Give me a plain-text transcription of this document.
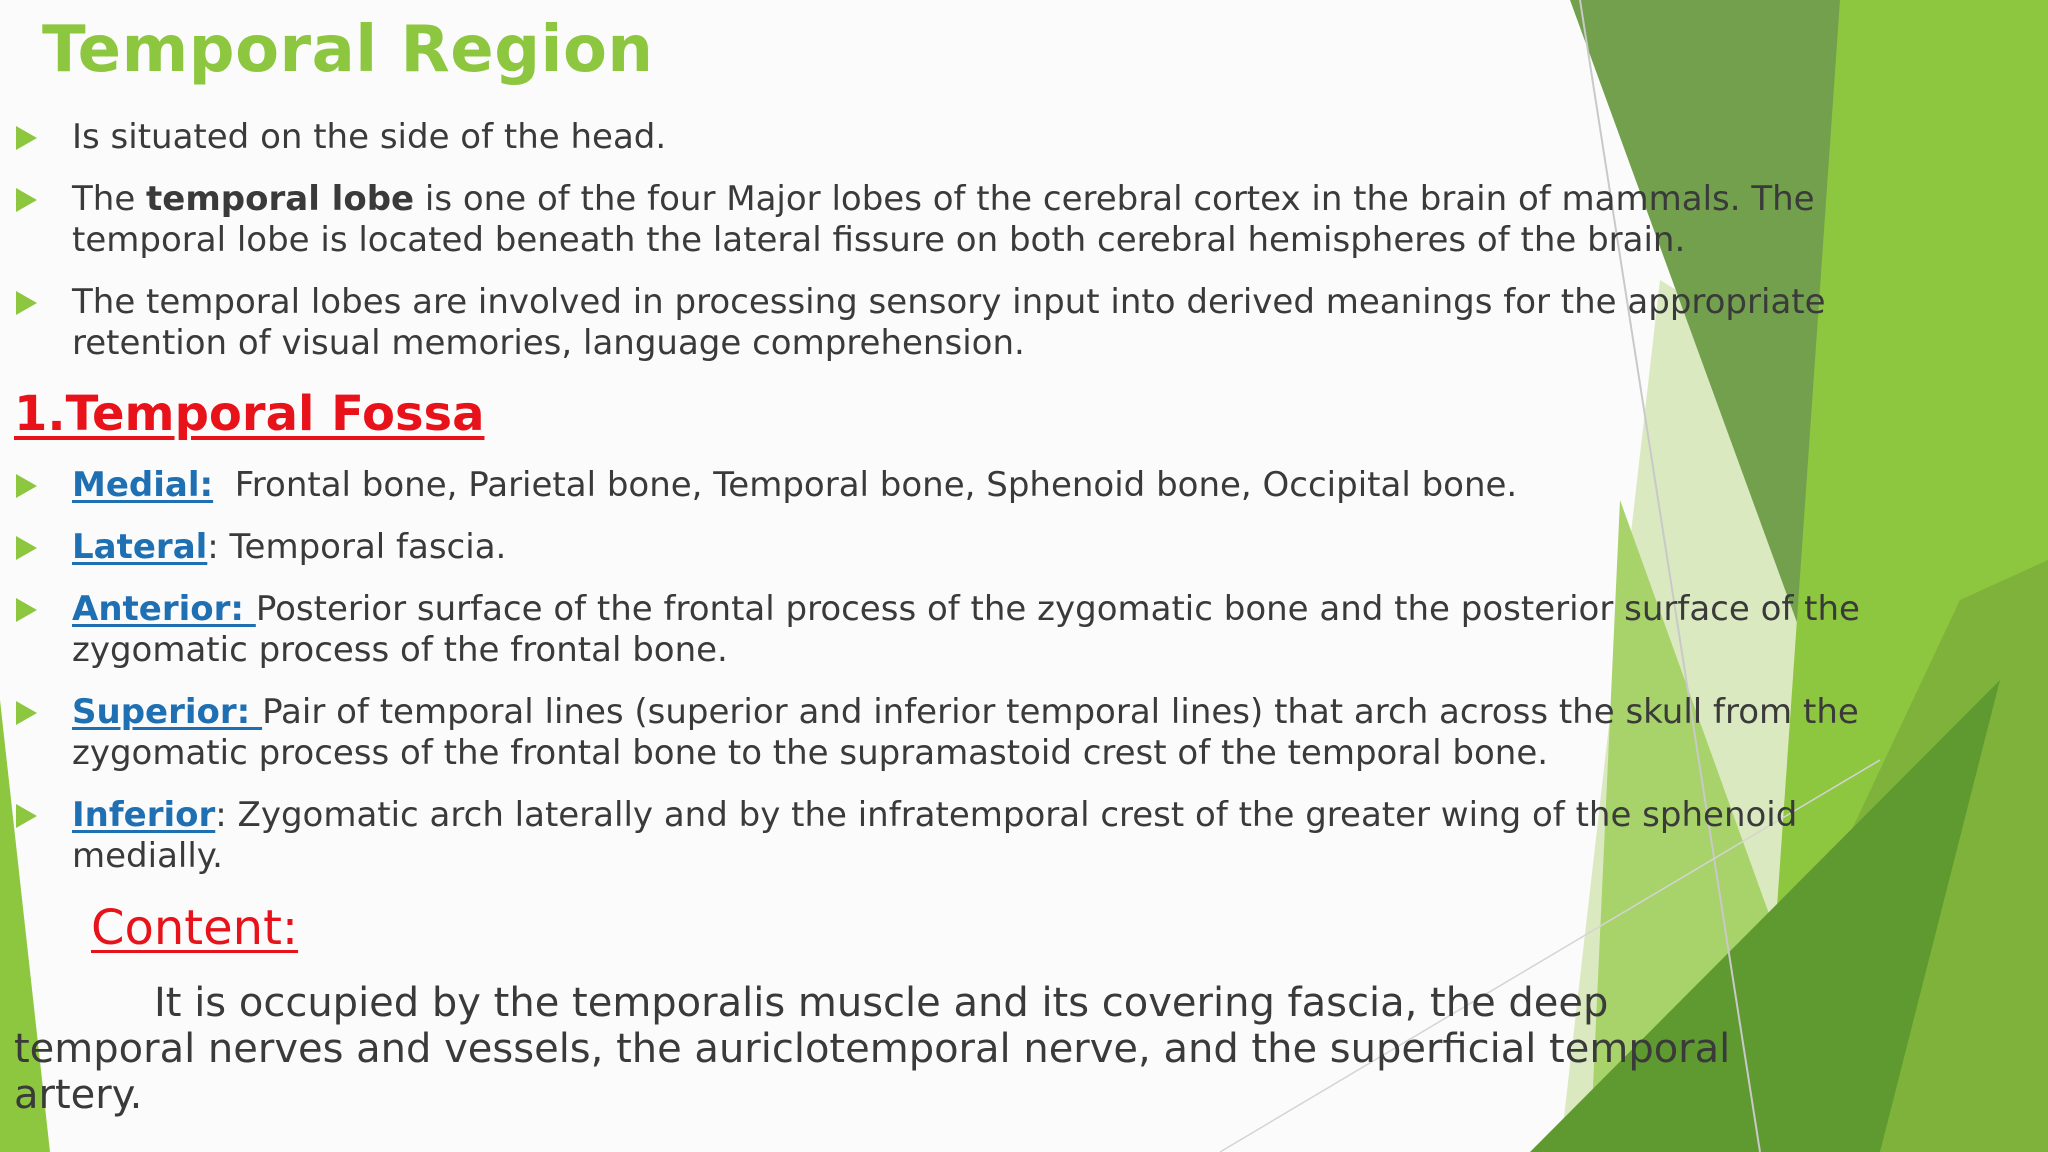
Temporal Region
Is situated on the side of the head.
The temporal lobe is one of the four Major lobes of the cerebral cortex in the brain of mammals. The temporal lobe is located beneath the lateral fissure on both cerebral hemispheres of the brain.
The temporal lobes are involved in processing sensory input into derived meanings for the appropriate retention of visual memories, language comprehension.
1.Temporal Fossa
Medial:  Frontal bone, Parietal bone, Temporal bone, Sphenoid bone, Occipital bone.
Lateral: Temporal fascia.
Anterior: Posterior surface of the frontal process of the zygomatic bone and the posterior surface of the zygomatic process of the frontal bone.
Superior: Pair of temporal lines (superior and inferior temporal lines) that arch across the skull from the zygomatic process of the frontal bone to the supramastoid crest of the temporal bone.
Inferior: Zygomatic arch laterally and by the infratemporal crest of the greater wing of the sphenoid medially.
Content:

It is occupied by the temporalis muscle and its covering fascia, the deep temporal nerves and vessels, the auriclotemporal nerve, and the superficial temporal artery.
